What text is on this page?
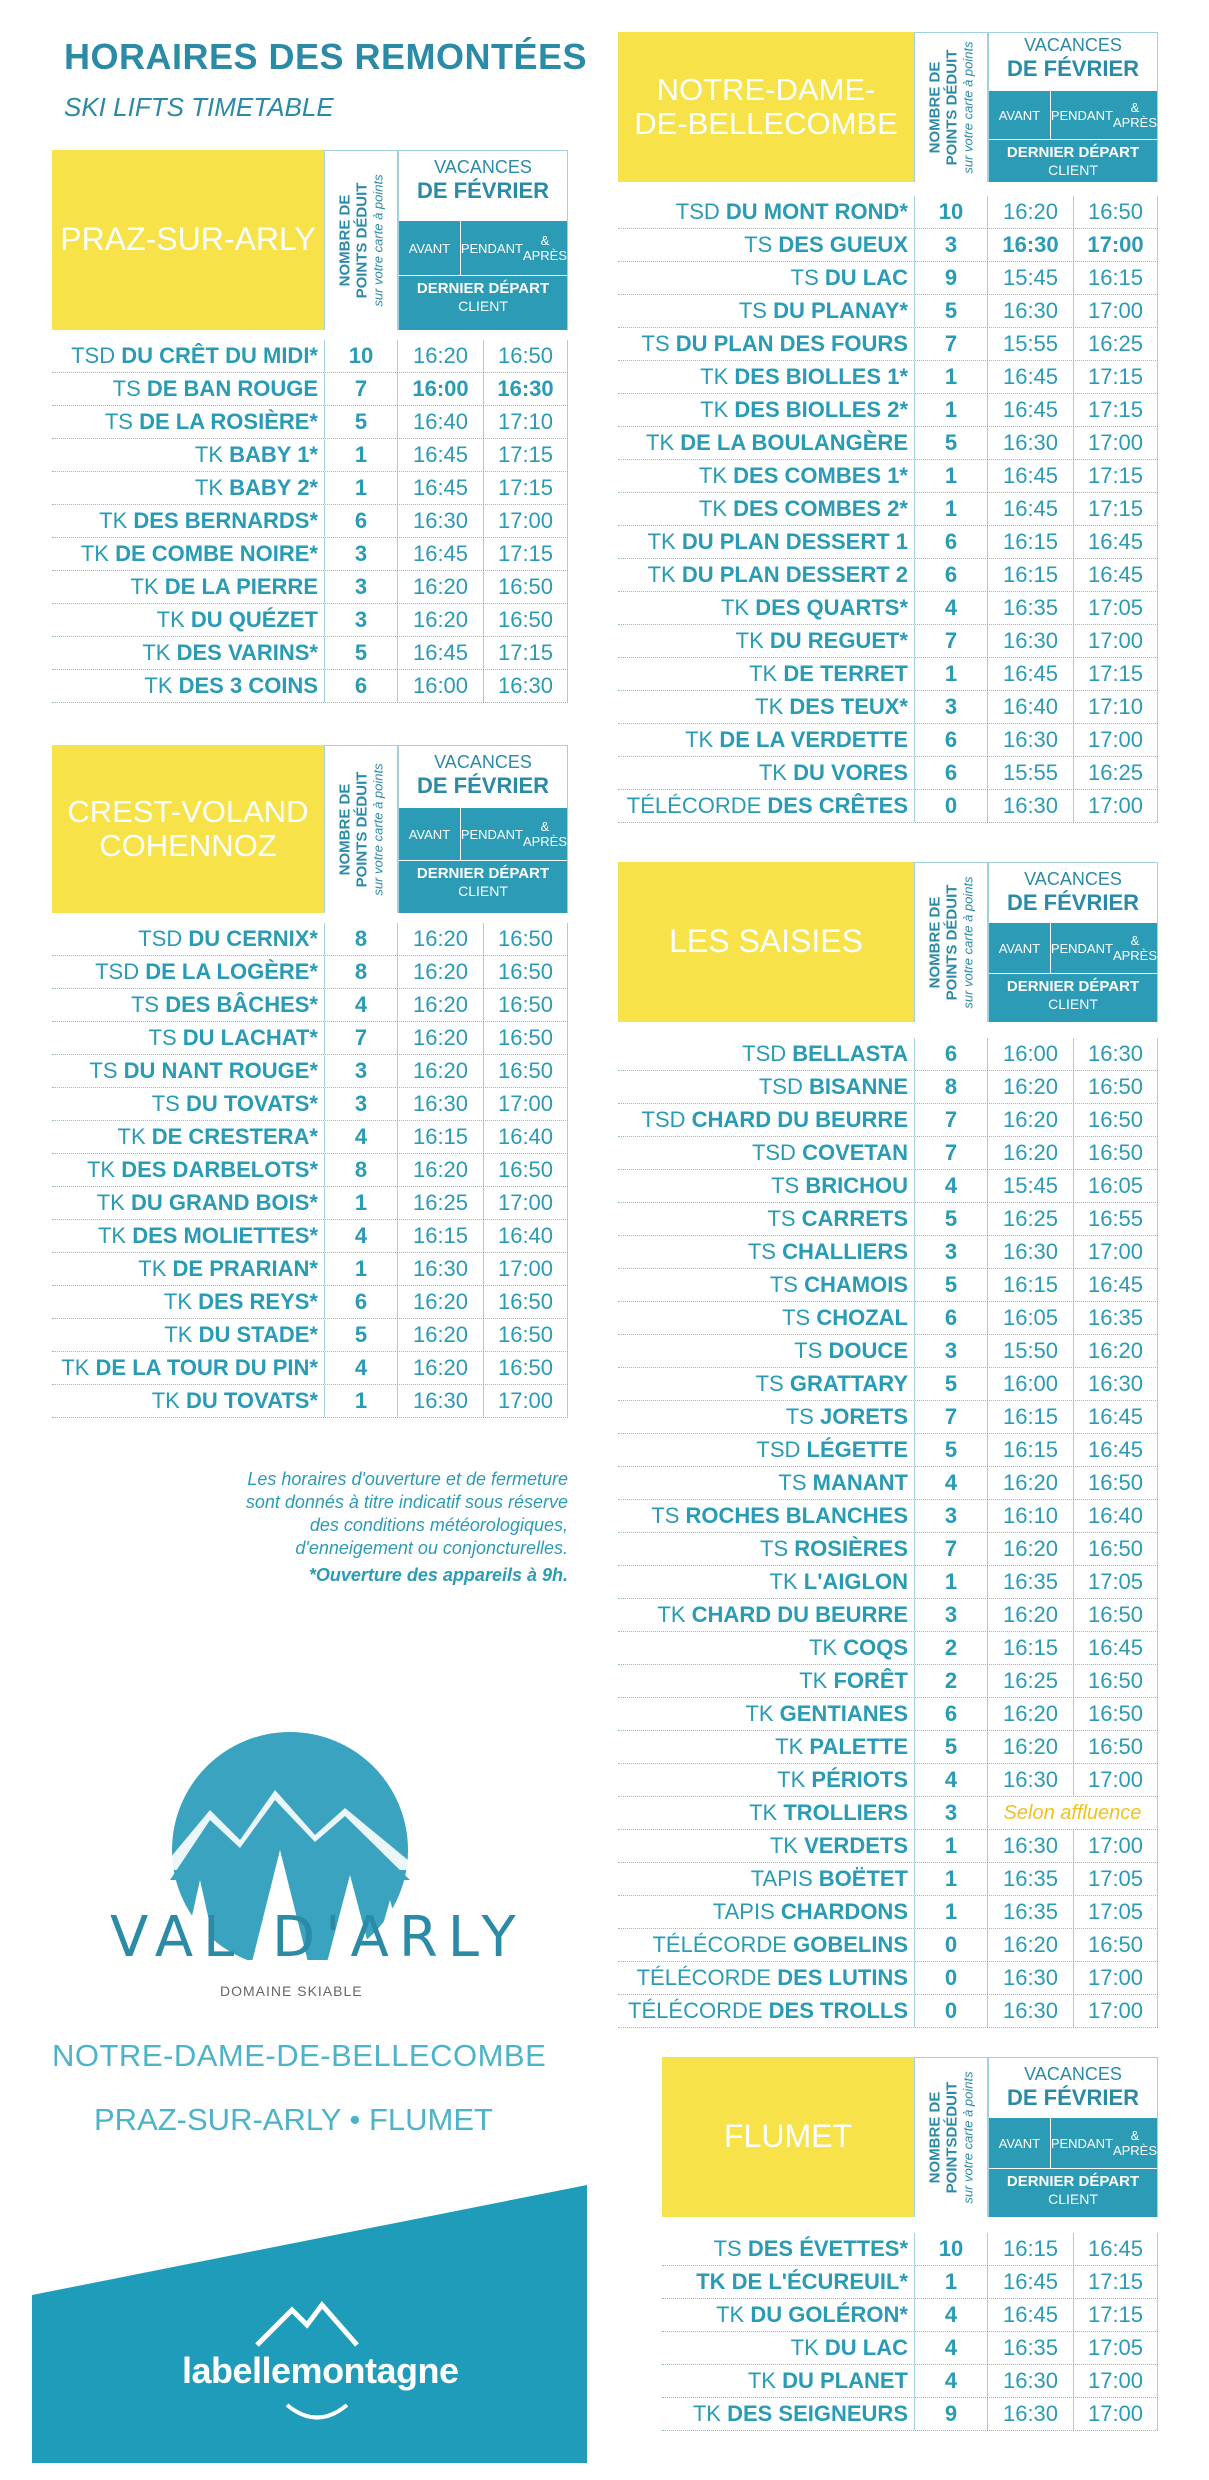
HORAIRES DES REMONTÉES
SKI LIFTS TIMETABLE
PRAZ-SUR-ARLY	NOMBRE DE POINTS DÉDUIT sur votre carte à points
VACANCES
DE FÉVRIER
AVANT PENDANT	& APRÈS
DERNIER DÉPART
CLIENT
TSD DU CRÊT DU MIDI*	10	16:20	16:50
TS DE BAN ROUGE	7	16:00	16:30
TS DE LA ROSIÈRE*	5	16:40	17:10
TK BABY 1*	1	16:45	17:15
TK BABY 2*	1	16:45	17:15
TK DES BERNARDS*	6	16:30	17:00
TK DE COMBE NOIRE*	3	16:45	17:15
TK DE LA PIERRE	3	16:20	16:50
TK DU QUÉZET	3	16:20	16:50
TK DES VARINS*	5	16:45	17:15
TK DES 3 COINS	6	16:00	16:30
CREST-VOLAND
COHENNOZ	NOMBRE DE POINTS DÉDUIT sur votre carte à points
VACANCES
DE FÉVRIER
AVANT PENDANT	& APRÈS
DERNIER DÉPART
CLIENT
TSD DU CERNIX*	8	16:20	16:50
TSD DE LA LOGÈRE*	8	16:20	16:50
TS DES BÂCHES*	4	16:20	16:50
TS DU LACHAT*	7	16:20	16:50
TS DU NANT ROUGE*	3	16:20	16:50
TS DU TOVATS*	3	16:30	17:00
TK DE CRESTERA*	4	16:15	16:40
TK DES DARBELOTS*	8	16:20	16:50
TK DU GRAND BOIS*	1	16:25	17:00
TK DES MOLIETTES*	4	16:15	16:40
TK DE PRARIAN*	1	16:30	17:00
TK DES REYS*	6	16:20	16:50
TK DU STADE*	5	16:20	16:50
TK DE LA TOUR DU PIN*	4	16:20	16:50
TK DU TOVATS*	1	16:30	17:00
NOTRE-DAME-
DE-BELLECOMBE NOMBRE DE POINTS DÉDUIT sur votre carte à points	VACANCES
DE FÉVRIER
AVANT PENDANT	& APRÈS
DERNIER DÉPART
CLIENT
TSD DU MONT ROND*	10	16:20	16:50
TS DES GUEUX	3	16:30	17:00
TS DU LAC	9	15:45	16:15
TS DU PLANAY*	5	16:30	17:00
TS DU PLAN DES FOURS	7	15:55	16:25
TK DES BIOLLES 1*	1	16:45	17:15
TK DES BIOLLES 2*	1	16:45	17:15
TK DE LA BOULANGÈRE	5	16:30	17:00
TK DES COMBES 1*	1	16:45	17:15
TK DES COMBES 2*	1	16:45	17:15
TK DU PLAN DESSERT 1	6	16:15	16:45
TK DU PLAN DESSERT 2	6	16:15	16:45
TK DES QUARTS*	4	16:35	17:05
TK DU REGUET*	7	16:30	17:00
TK DE TERRET	1	16:45	17:15
TK DES TEUX*	3	16:40	17:10
TK DE LA VERDETTE	6	16:30	17:00
TK DU VORES	6	15:55	16:25
TÉLÉCORDE DES CRÊTES	0	16:30	17:00
LES SAISIES	NOMBRE DE POINTS DÉDUIT sur votre carte à points	VACANCES
DE FÉVRIER
AVANT PENDANT	& APRÈS
DERNIER DÉPART
CLIENT
TSD BELLASTA	6	16:00	16:30
TSD BISANNE	8	16:20	16:50
TSD CHARD DU BEURRE	7	16:20	16:50
TSD COVETAN	7	16:20	16:50
TS BRICHOU	4	15:45	16:05
TS CARRETS	5	16:25	16:55
TS CHALLIERS	3	16:30	17:00
TS CHAMOIS	5	16:15	16:45
TS CHOZAL	6	16:05	16:35
TS DOUCE	3	15:50	16:20
TS GRATTARY	5	16:00	16:30
TS JORETS	7	16:15	16:45
TSD LÉGETTE	5	16:15	16:45
TS MANANT	4	16:20	16:50
TS ROCHES BLANCHES	3	16:10	16:40
TS ROSIÈRES	7	16:20	16:50
TK L'AIGLON	1	16:35	17:05
TK CHARD DU BEURRE	3	16:20	16:50
TK COQS	2	16:15	16:45
TK FORÊT	2	16:25	16:50
TK GENTIANES	6	16:20	16:50
TK PALETTE	5	16:20	16:50
TK PÉRIOTS	4	16:30	17:00
TK TROLLIERS	3	Selon affluence
TK VERDETS	1	16:30	17:00
TAPIS BOËTET	1	16:35	17:05
TAPIS CHARDONS	1	16:35	17:05
TÉLÉCORDE GOBELINS	0	16:20	16:50
TÉLÉCORDE DES LUTINS	0	16:30	17:00
TÉLÉCORDE DES TROLLS	0	16:30	17:00
FLUMET	NOMBRE DE POINTSDÉDUIT sur votre carte à points	VACANCES
DE FÉVRIER
AVANT PENDANT	& APRÈS
DERNIER DÉPART
CLIENT
TS DES ÉVETTES*	10	16:15	16:45
TK DE L'ÉCUREUIL*	1	16:45	17:15
TK DU GOLÉRON*	4	16:45	17:15
TK DU LAC	4	16:35	17:05
TK DU PLANET	4	16:30	17:00
TK DES SEIGNEURS	9	16:30	17:00
Les horaires d'ouverture et de fermeture
sont donnés à titre indicatif sous réserve
des conditions météorologiques,
d'enneigement ou conjoncturelles.
*Ouverture des appareils à 9h.
VAL D'ARLY
DOMAINE SKIABLE
NOTRE-DAME-DE-BELLECOMBE
PRAZ-SUR-ARLY • FLUMET
labellemontagne
